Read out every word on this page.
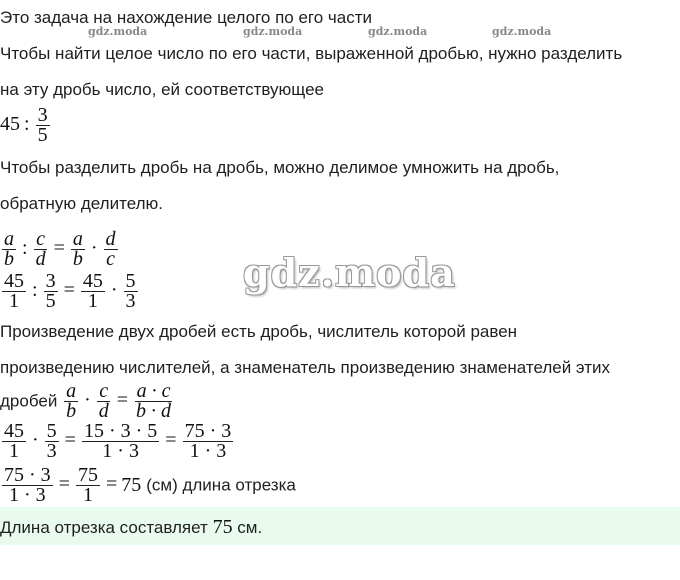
gdz.moda	gdz.moda	gdz.moda	gdz.moda
gdz.moda
Это задача на нахождение целого по его части
Чтобы найти целое число по его части, выраженной дробью, нужно разделить
на эту дробь число, ей соответствующее
45 : $\frac{3}{5}$
Чтобы разделить дробь на дробь, можно делимое умножить на дробь,
обратную делителю.
$\frac{a}{b}$ : $\frac{c}{d} = \frac{a}{b} \cdot \frac{d}{c}$
$\frac{45}{1}$ : $\frac{3}{5} = \frac{45}{1} \cdot \frac{5}{3}$
Произведение двух дробей есть дробь, числитель которой равен
произведению числителей, а знаменатель произведению знаменателей этих
дробей $\frac{a}{b} \cdot \frac{c}{d} = \frac{a \cdot c}{b \cdot d}$
$\frac{45}{1} \cdot \frac{5}{3} = \frac{15 \cdot 3 \cdot 5}{1 \cdot 3} = \frac{75 \cdot 3}{1 \cdot 3}$
$\frac{75 \cdot 3}{1 \cdot 3} = \frac{75}{1} = 75$ (см) длина отрезка
Длина отрезка составляет 75 см.
